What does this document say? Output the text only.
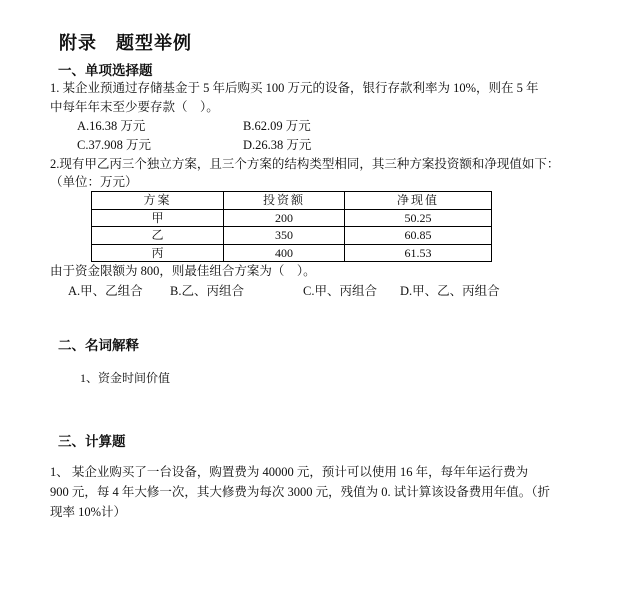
附录　题型举例
一、单项选择题

1. 某企业预通过存储基金于 5 年后购买 100 万元的设备，银行存款利率为 10%，则在 5 年

中每年年末至少要存款（　）。

A.16.38 万元	B.62.09 万元
C.37.908 万元	D.26.38 万元

2.现有甲乙丙三个独立方案，且三个方案的结构类型相同，其三种方案投资额和净现值如下：

（单位：万元）

方案	投资额	净现值
甲	200	50.25
乙	350	60.85
丙	400	61.53

由于资金限额为 800，则最佳组合方案为（　）。

A.甲、乙组合 B.乙、丙组合	C.甲、丙组合 D.甲、乙、丙组合
二、名词解释

1、资金时间价值

三、计算题

1、 某企业购买了一台设备，购置费为 40000 元，预计可以使用 16 年，每年年运行费为

900 元，每 4 年大修一次，其大修费为每次 3000 元，残值为 0. 试计算该设备费用年值。（折

现率 10%计）
